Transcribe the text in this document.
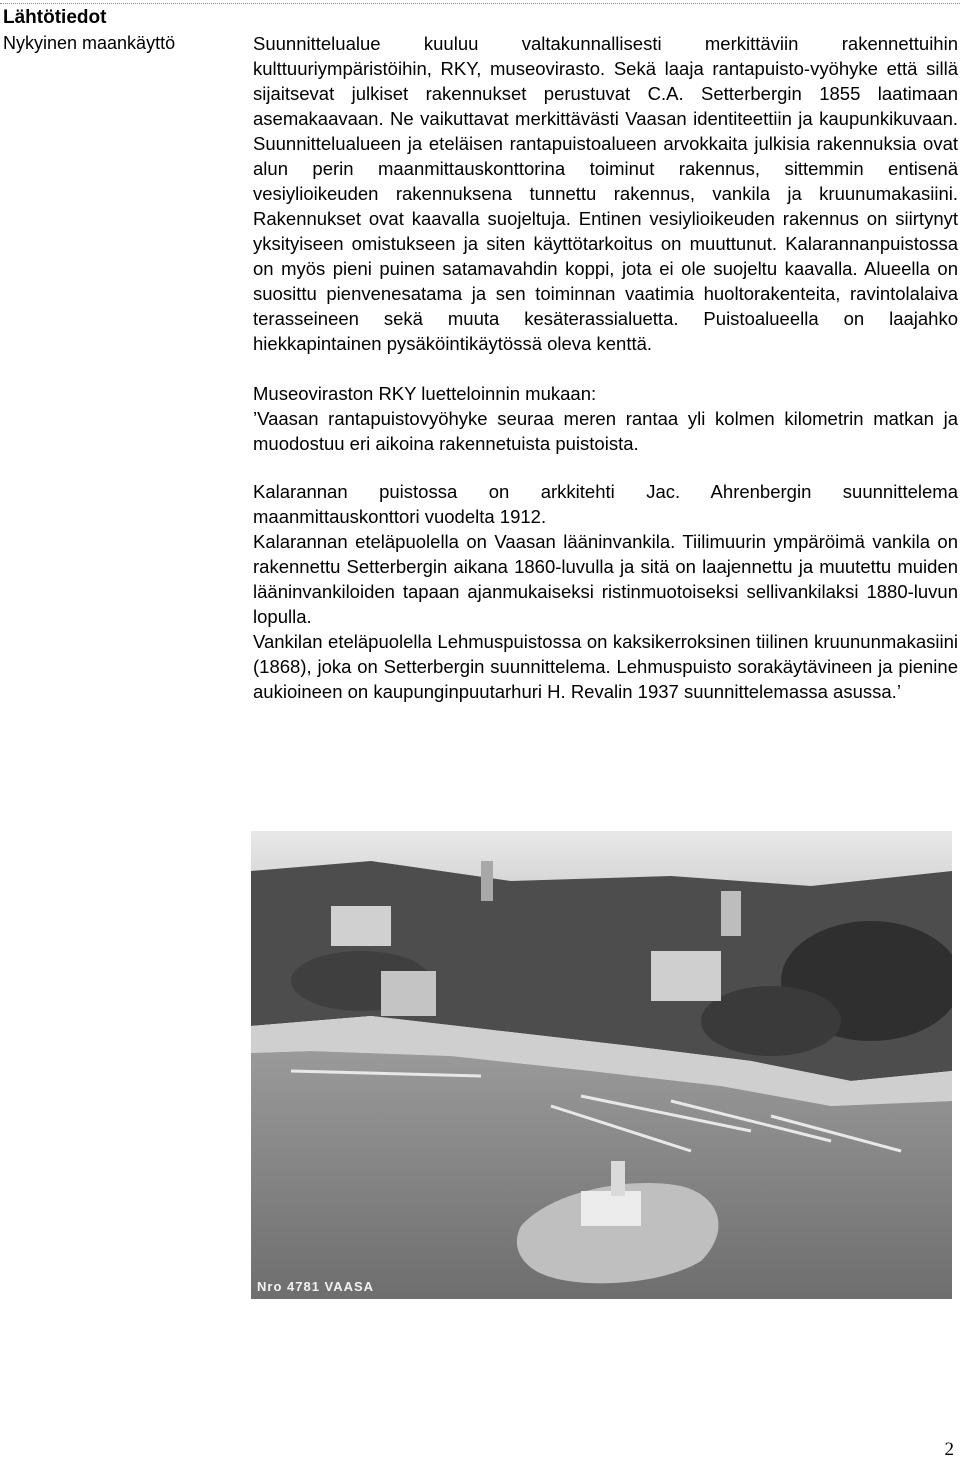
Lähtötiedot
Nykyinen maankäyttö	Suunnittelualue kuuluu valtakunnallisesti merkittäviin rakennettuihin kulttuuriympäristöihin, RKY, museovirasto. Sekä laaja rantapuisto-vyöhyke että sillä sijaitsevat julkiset rakennukset perustuvat C.A. Setterbergin 1855 laatimaan asemakaavaan. Ne vaikuttavat merkittävästi Vaasan identiteettiin ja kaupunkikuvaan. Suunnittelualueen ja eteläisen rantapuistoalueen arvokkaita julkisia rakennuksia ovat alun perin maanmittauskonttorina toiminut rakennus, sittemmin entisenä vesiylioikeuden rakennuksena tunnettu rakennus, vankila ja kruunumakasiini. Rakennukset ovat kaavalla suojeltuja. Entinen vesiylioikeuden rakennus on siirtynyt yksityiseen omistukseen ja siten käyttötarkoitus on muuttunut. Kalarannanpuistossa on myös pieni puinen satamavahdin koppi, jota ei ole suojeltu kaavalla. Alueella on suosittu pienvenesatama ja sen toiminnan vaatimia huoltorakenteita, ravintolalaiva terasseineen sekä muuta kesäterassialuetta. Puistoalueella on laajahko hiekkapintainen pysäköintikäytössä oleva kenttä.

Museoviraston RKY luetteloinnin mukaan:

’Vaasan rantapuistovyöhyke seuraa meren rantaa yli kolmen kilometrin matkan ja muodostuu eri aikoina rakennetuista puistoista.

Kalarannan puistossa on arkkitehti Jac. Ahrenbergin suunnittelema maanmittauskonttori vuodelta 1912.

Kalarannan eteläpuolella on Vaasan lääninvankila. Tiilimuurin ympäröimä vankila on rakennettu Setterbergin aikana 1860-luvulla ja sitä on laajennettu ja muutettu muiden lääninvankiloiden tapaan ajanmukaiseksi ristinmuotoiseksi sellivankilaksi 1880-luvun lopulla.

Vankilan eteläpuolella Lehmuspuistossa on kaksikerroksinen tiilinen kruununmakasiini (1868), joka on Setterbergin suunnittelema. Lehmuspuisto sorakäytävineen ja pienine aukioineen on kaupunginpuutarhuri H. Revalin 1937 suunnittelemassa asussa.’

Nro 4781 VAASA
2
